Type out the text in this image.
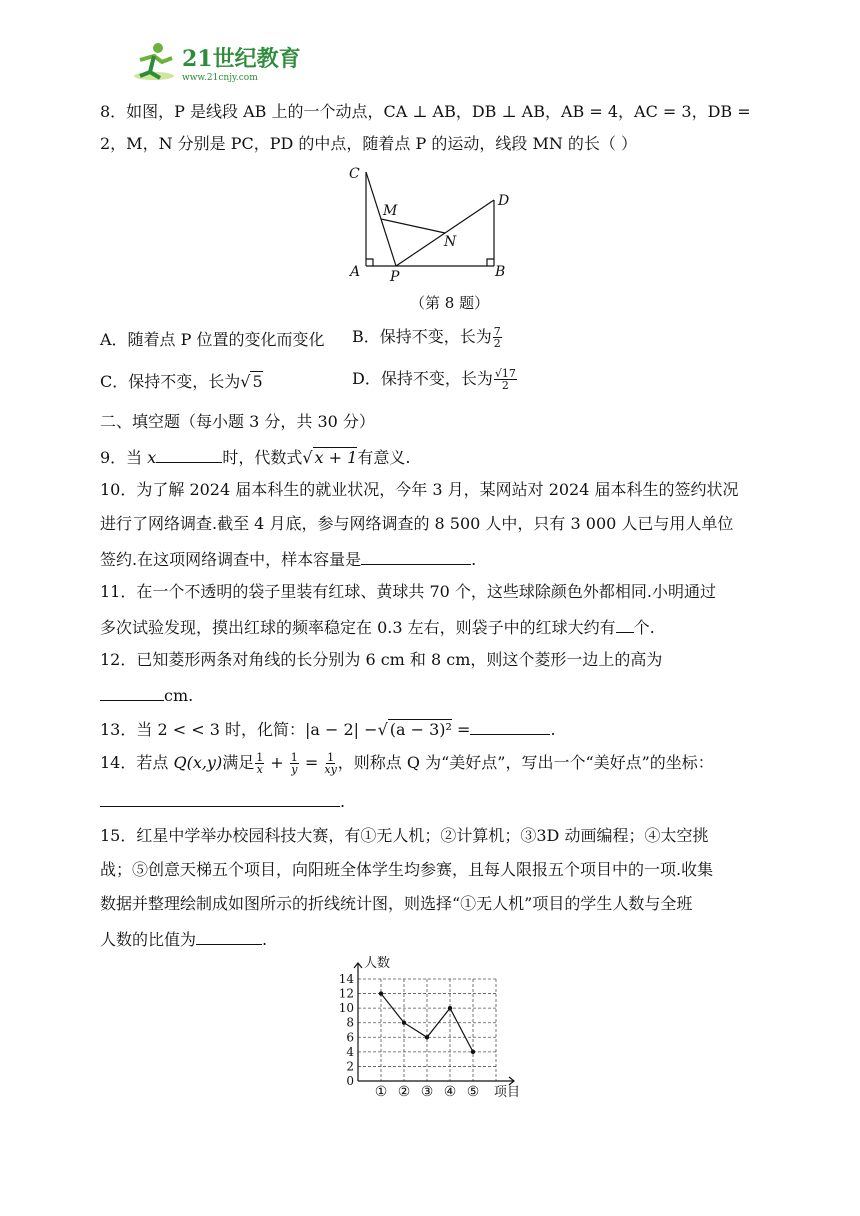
21世纪教育
www.21cnjy.com
8．如图，P 是线段 AB 上的一个动点，CA ⊥ AB，DB ⊥ AB，AB = 4，AC = 3，DB =
2，M，N 分别是 PC，PD 的中点，随着点 P 的运动，线段 MN 的长（ ）
C
M
D
N
A P	B
（第 8 题）
A．随着点 P 位置的变化而变化 B．保持不变，长为 $\frac{7}{2}$
C．保持不变，长为√ 5	D．保持不变，长为 $\frac{√17}{2}$
二、填空题（每小题 3 分，共 30 分）
9．当 x	时，代数式√ x + 1有意义.
10．为了解 2024 届本科生的就业状况，今年 3 月，某网站对 2024 届本科生的签约状况
进行了网络调查.截至 4 月底，参与网络调查的 8 500 人中，只有 3 000 人已与用人单位
签约.在这项网络调查中，样本容量是	.
11．在一个不透明的袋子里装有红球、黄球共 70 个，这些球除颜色外都相同.小明通过
多次试验发现，摸出红球的频率稳定在 0.3 左右，则袋子中的红球大约有 个.
12．已知菱形两条对角线的长分别为 6 cm 和 8 cm，则这个菱形一边上的高为
cm.
13．当 2 < < 3 时，化简：|a − 2| −√ (a − 3)² =	.
14．若点 Q(x,y)满足 $\frac{1}{x} + \frac{1}{y} = \frac{1}{xy}$ ，则称点 Q 为“美好点”，写出一个“美好点”的坐标：
.
15．红星中学举办校园科技大赛，有①无人机；②计算机；③3D 动画编程；④太空挑
战；⑤创意天梯五个项目，向阳班全体学生均参赛，且每人限报五个项目中的一项.收集
数据并整理绘制成如图所示的折线统计图，则选择“①无人机”项目的学生人数与全班
人数的比值为	.
0
2
4
6
8
10
12
14
① ② ③ ④ ⑤
人数
项目
